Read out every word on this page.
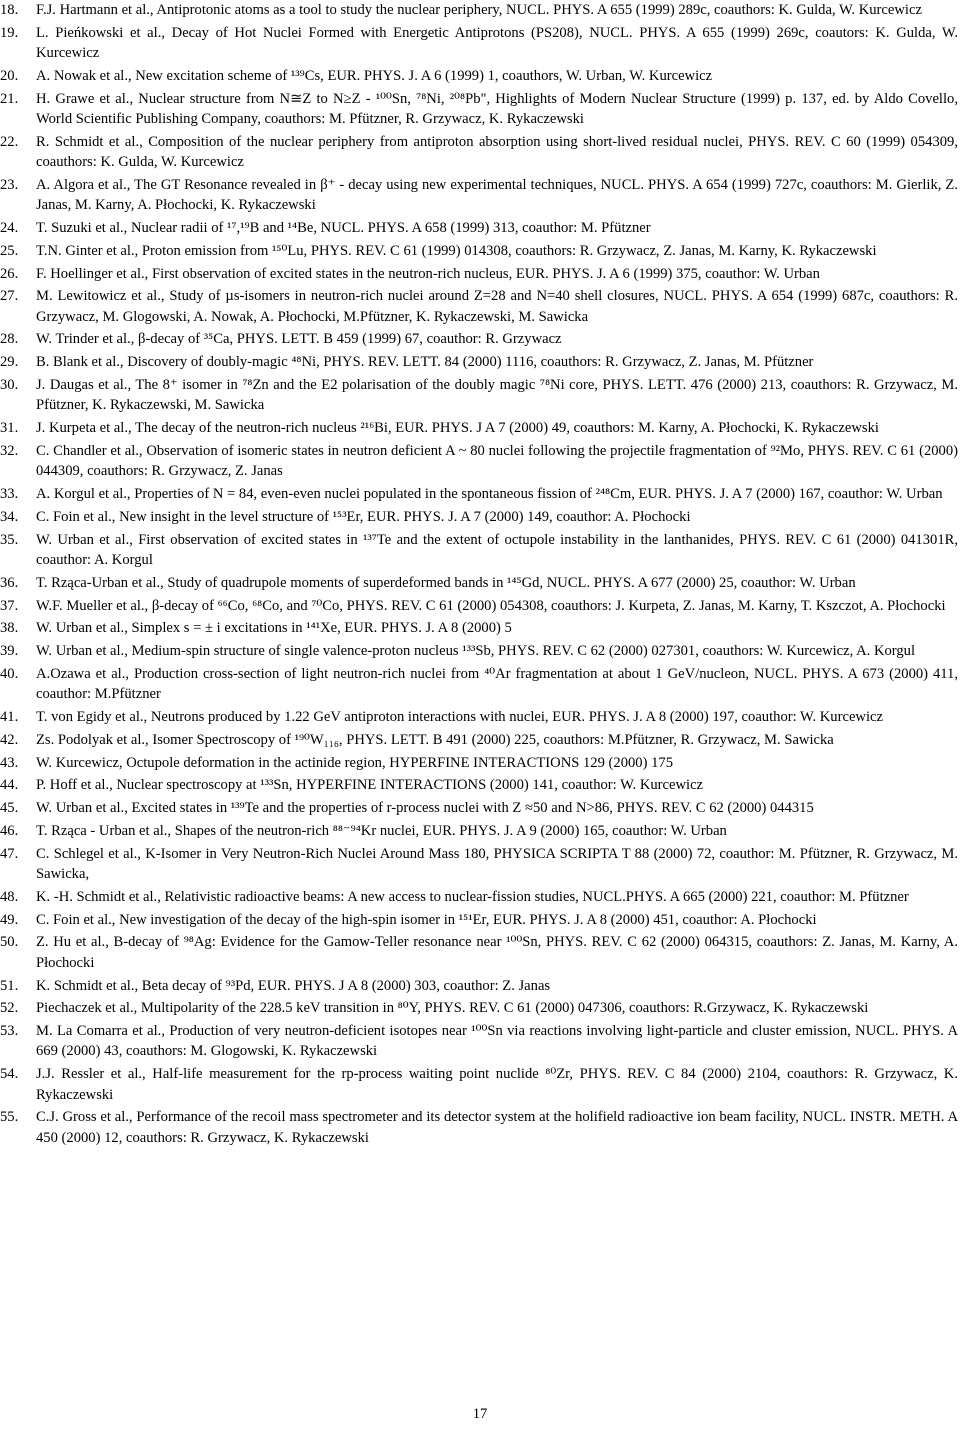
18.	F.J. Hartmann et al., Antiprotonic atoms as a tool to study the nuclear periphery, NUCL. PHYS. A 655 (1999) 289c, coauthors: K. Gulda, W. Kurcewicz
19.	L. Pieńkowski et al., Decay of Hot Nuclei Formed with Energetic Antiprotons (PS208), NUCL. PHYS. A 655 (1999) 269c, coautors: K. Gulda, W. Kurcewicz
20.	A. Nowak et al., New excitation scheme of ¹³⁹Cs, EUR. PHYS. J. A 6 (1999) 1, coauthors, W. Urban, W. Kurcewicz
21.	H. Grawe et al., Nuclear structure from N≅Z to N≥Z - ¹⁰⁰Sn, ⁷⁸Ni, ²⁰⁸Pb", Highlights of Modern Nuclear Structure (1999) p. 137, ed. by Aldo Covello, World Scientific Publishing Company, coauthors: M. Pfützner, R. Grzywacz, K. Rykaczewski
22.	R. Schmidt et al., Composition of the nuclear periphery from antiproton absorption using short-lived residual nuclei, PHYS. REV. C 60 (1999) 054309, coauthors: K. Gulda, W. Kurcewicz
23.	A. Algora et al., The GT Resonance revealed in β⁺ - decay using new experimental techniques, NUCL. PHYS. A 654 (1999) 727c, coauthors: M. Gierlik, Z. Janas, M. Karny, A. Płochocki, K. Rykaczewski
24.	T. Suzuki et al., Nuclear radii of ¹⁷,¹⁹B and ¹⁴Be, NUCL. PHYS. A 658 (1999) 313, coauthor: M. Pfützner
25.	T.N. Ginter et al., Proton emission from ¹⁵⁰Lu, PHYS. REV. C 61 (1999) 014308, coauthors: R. Grzywacz, Z. Janas, M. Karny, K. Rykaczewski
26.	F. Hoellinger et al., First observation of excited states in the neutron-rich nucleus, EUR. PHYS. J. A 6 (1999) 375, coauthor: W. Urban
27.	M. Lewitowicz et al., Study of µs-isomers in neutron-rich nuclei around Z=28 and N=40 shell closures, NUCL. PHYS. A 654 (1999) 687c, coauthors: R. Grzywacz, M. Glogowski, A. Nowak, A. Płochocki, M.Pfützner, K. Rykaczewski, M. Sawicka
28.	W. Trinder et al., β-decay of ³⁵Ca, PHYS. LETT. B 459 (1999) 67, coauthor: R. Grzywacz
29.	B. Blank et al., Discovery of doubly-magic ⁴⁸Ni, PHYS. REV. LETT. 84 (2000) 1116, coauthors: R. Grzywacz, Z. Janas, M. Pfützner
30.	J. Daugas et al., The 8⁺ isomer in ⁷⁸Zn and the E2 polarisation of the doubly magic ⁷⁸Ni core, PHYS. LETT. 476 (2000) 213, coauthors: R. Grzywacz, M. Pfützner, K. Rykaczewski, M. Sawicka
31.	J. Kurpeta et al., The decay of the neutron-rich nucleus ²¹⁶Bi, EUR. PHYS. J A 7 (2000) 49, coauthors: M. Karny, A. Płochocki, K. Rykaczewski
32.	C. Chandler et al., Observation of isomeric states in neutron deficient A ~ 80 nuclei following the projectile fragmentation of ⁹²Mo, PHYS. REV. C 61 (2000) 044309, coauthors: R. Grzywacz, Z. Janas
33.	A. Korgul et al., Properties of N = 84, even-even nuclei populated in the spontaneous fission of ²⁴⁸Cm, EUR. PHYS. J. A 7 (2000) 167, coauthor: W. Urban
34.	C. Foin et al., New insight in the level structure of ¹⁵³Er, EUR. PHYS. J. A 7 (2000) 149, coauthor: A. Płochocki
35.	W. Urban et al., First observation of excited states in ¹³⁷Te and the extent of octupole instability in the lanthanides, PHYS. REV. C 61 (2000) 041301R, coauthor: A. Korgul
36.	T. Rząca-Urban et al., Study of quadrupole moments of superdeformed bands in ¹⁴⁵Gd, NUCL. PHYS. A 677 (2000) 25, coauthor: W. Urban
37.	W.F. Mueller et al., β-decay of ⁶⁶Co, ⁶⁸Co, and ⁷⁰Co, PHYS. REV. C 61 (2000) 054308, coauthors: J. Kurpeta, Z. Janas, M. Karny, T. Kszczot, A. Płochocki
38.	W. Urban et al., Simplex s = ± i excitations in ¹⁴¹Xe, EUR. PHYS. J. A 8 (2000) 5
39.	W. Urban et al., Medium-spin structure of single valence-proton nucleus ¹³³Sb, PHYS. REV. C 62 (2000) 027301, coauthors: W. Kurcewicz, A. Korgul
40.	A.Ozawa et al., Production cross-section of light neutron-rich nuclei from ⁴⁰Ar fragmentation at about 1 GeV/nucleon, NUCL. PHYS. A 673 (2000) 411, coauthor: M.Pfützner
41.	T. von Egidy et al., Neutrons produced by 1.22 GeV antiproton interactions with nuclei, EUR. PHYS. J. A 8 (2000) 197, coauthor: W. Kurcewicz
42.	Zs. Podolyak et al., Isomer Spectroscopy of ¹⁹⁰W₁₁₆, PHYS. LETT. B 491 (2000) 225, coauthors: M.Pfützner, R. Grzywacz, M. Sawicka
43.	W. Kurcewicz, Octupole deformation in the actinide region, HYPERFINE INTERACTIONS 129 (2000) 175
44.	P. Hoff et al., Nuclear spectroscopy at ¹³³Sn, HYPERFINE INTERACTIONS (2000) 141, coauthor: W. Kurcewicz
45.	W. Urban et al., Excited states in ¹³⁹Te and the properties of r-process nuclei with Z ≈50 and N>86, PHYS. REV. C 62 (2000) 044315
46.	T. Rząca - Urban et al., Shapes of the neutron-rich ⁸⁸⁻⁹⁴Kr nuclei, EUR. PHYS. J. A 9 (2000) 165, coauthor: W. Urban
47.	C. Schlegel et al., K-Isomer in Very Neutron-Rich Nuclei Around Mass 180, PHYSICA SCRIPTA T 88 (2000) 72, coauthor: M. Pfützner, R. Grzywacz, M. Sawicka,
48.	K. -H. Schmidt et al., Relativistic radioactive beams: A new access to nuclear-fission studies, NUCL.PHYS. A 665 (2000) 221, coauthor: M. Pfützner
49.	C. Foin et al., New investigation of the decay of the high-spin isomer in ¹⁵¹Er, EUR. PHYS. J. A 8 (2000) 451, coauthor: A. Płochocki
50.	Z. Hu et al., B-decay of ⁹⁸Ag: Evidence for the Gamow-Teller resonance near ¹⁰⁰Sn, PHYS. REV. C 62 (2000) 064315, coauthors: Z. Janas, M. Karny, A. Płochocki
51.	K. Schmidt et al., Beta decay of ⁹³Pd, EUR. PHYS. J A 8 (2000) 303, coauthor: Z. Janas
52.	Piechaczek et al., Multipolarity of the 228.5 keV transition in ⁸⁰Y, PHYS. REV. C 61 (2000) 047306, coauthors: R.Grzywacz, K. Rykaczewski
53.	M. La Comarra et al., Production of very neutron-deficient isotopes near ¹⁰⁰Sn via reactions involving light-particle and cluster emission, NUCL. PHYS. A 669 (2000) 43, coauthors: M. Glogowski, K. Rykaczewski
54.	J.J. Ressler et al., Half-life measurement for the rp-process waiting point nuclide ⁸⁰Zr, PHYS. REV. C 84 (2000) 2104, coauthors: R. Grzywacz, K. Rykaczewski
55.	C.J. Gross et al., Performance of the recoil mass spectrometer and its detector system at the holifield radioactive ion beam facility, NUCL. INSTR. METH. A 450 (2000) 12, coauthors: R. Grzywacz, K. Rykaczewski
17
